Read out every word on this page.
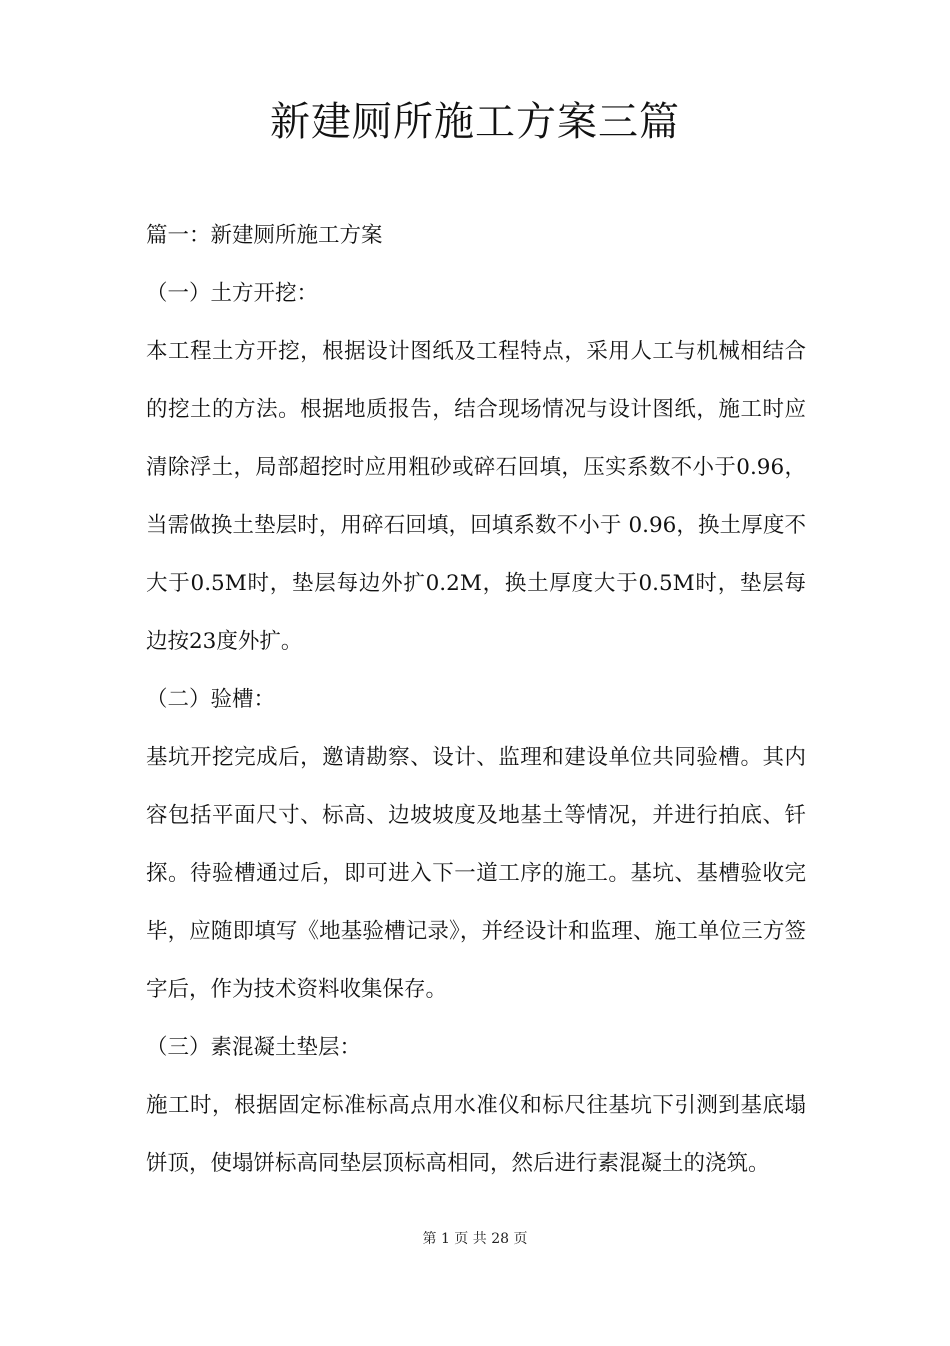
新建厕所施工方案三篇

篇一：新建厕所施工方案

（一）土方开挖：

本工程土方开挖，根据设计图纸及工程特点，采用人工与机械相结合的挖土的方法。根据地质报告，结合现场情况与设计图纸，施工时应清除浮土，局部超挖时应用粗砂或碎石回填，压实系数不小于0.96，当需做换土垫层时，用碎石回填，回填系数不小于 0.96，换土厚度不大于0.5M时，垫层每边外扩0.2M，换土厚度大于0.5M时，垫层每边按23度外扩。

（二）验槽：

基坑开挖完成后，邀请勘察、设计、监理和建设单位共同验槽。其内容包括平面尺寸、标高、边坡坡度及地基土等情况，并进行拍底、钎探。待验槽通过后，即可进入下一道工序的施工。基坑、基槽验收完毕，应随即填写《地基验槽记录》，并经设计和监理、施工单位三方签字后，作为技术资料收集保存。

（三）素混凝土垫层：

施工时，根据固定标准标高点用水准仪和标尺往基坑下引测到基底塌饼顶，使塌饼标高同垫层顶标高相同，然后进行素混凝土的浇筑。

第 1 页 共 28 页
